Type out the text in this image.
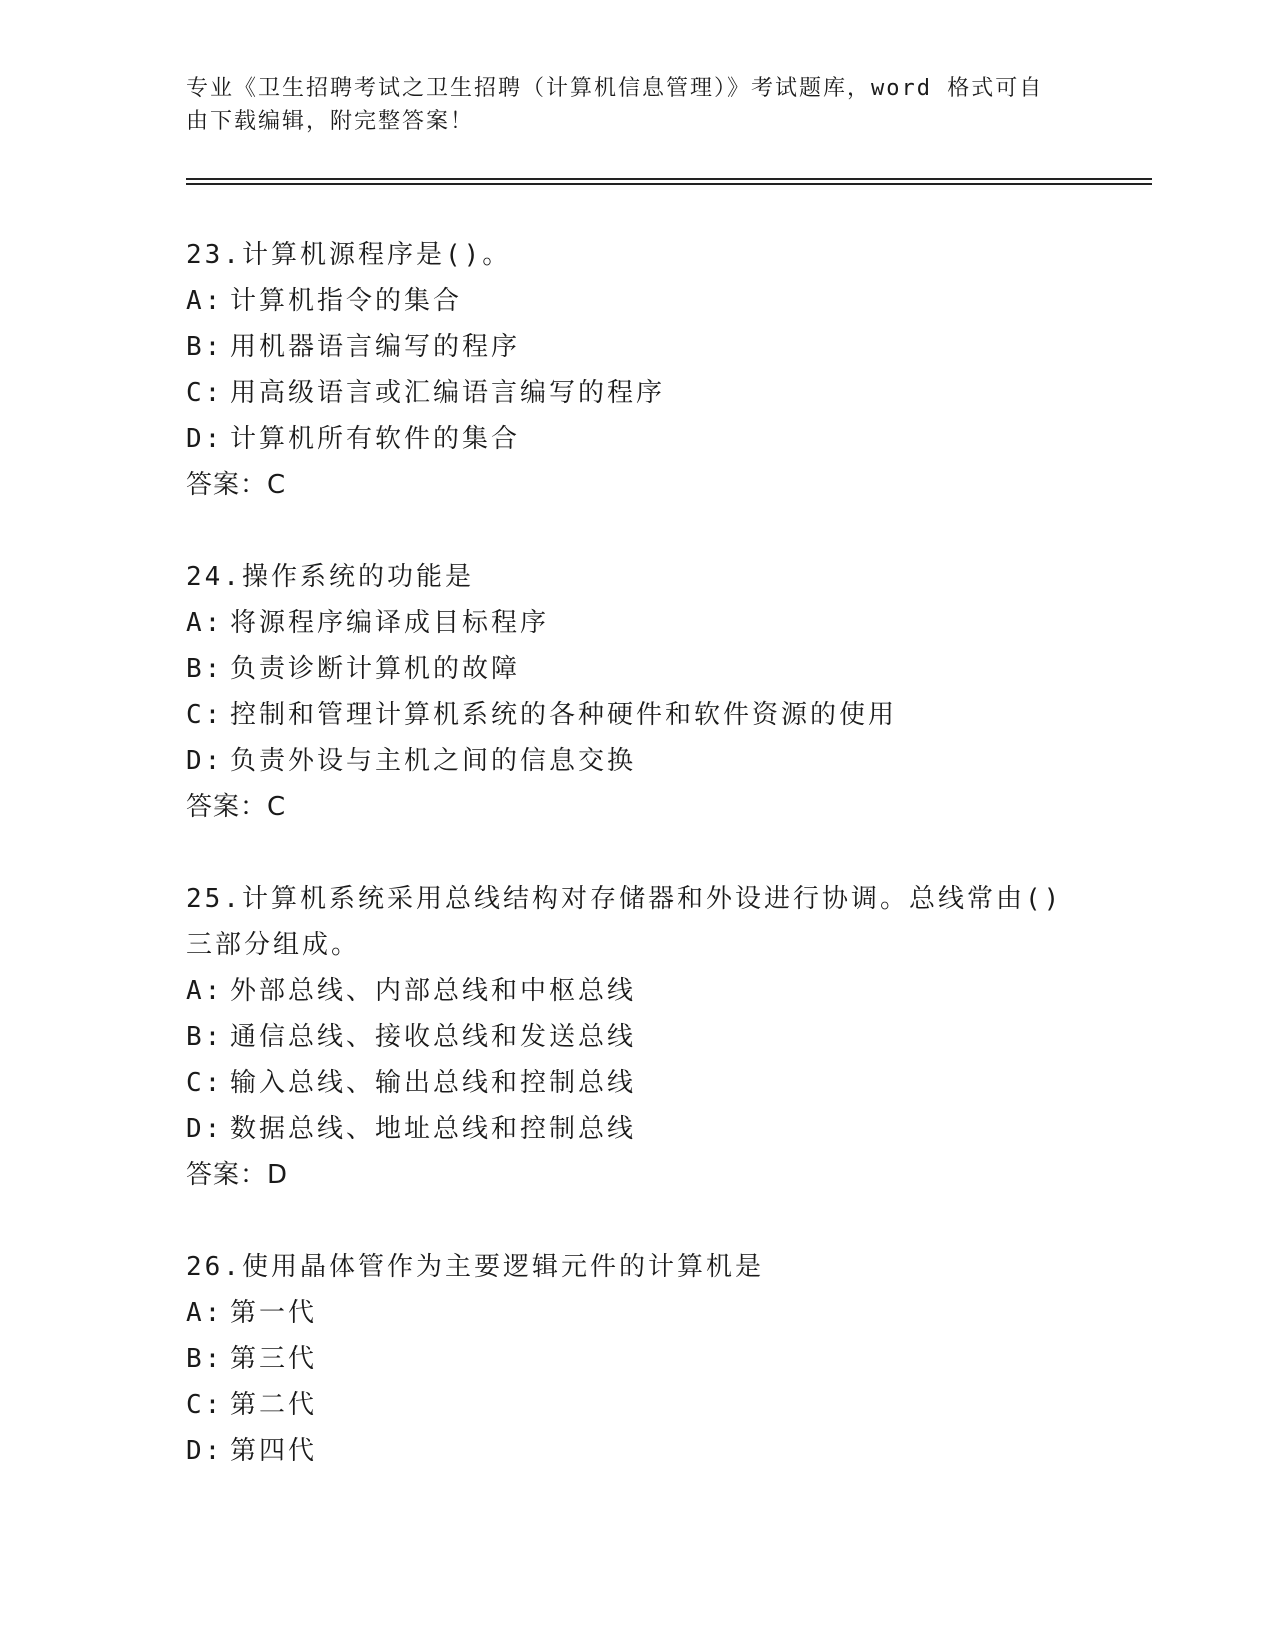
专业《卫生招聘考试之卫生招聘（计算机信息管理）》考试题库，word 格式可自
由下载编辑，附完整答案！
23.计算机源程序是()。
A: 计算机指令的集合
B: 用机器语言编写的程序
C: 用高级语言或汇编语言编写的程序
D: 计算机所有软件的集合
答案：C
24.操作系统的功能是
A: 将源程序编译成目标程序
B: 负责诊断计算机的故障
C: 控制和管理计算机系统的各种硬件和软件资源的使用
D: 负责外设与主机之间的信息交换
答案：C
25.计算机系统采用总线结构对存储器和外设进行协调。总线常由()三部分组成。
A: 外部总线、内部总线和中枢总线
B: 通信总线、接收总线和发送总线
C: 输入总线、输出总线和控制总线
D: 数据总线、地址总线和控制总线
答案：D
26.使用晶体管作为主要逻辑元件的计算机是
A: 第一代
B: 第三代
C: 第二代
D: 第四代
